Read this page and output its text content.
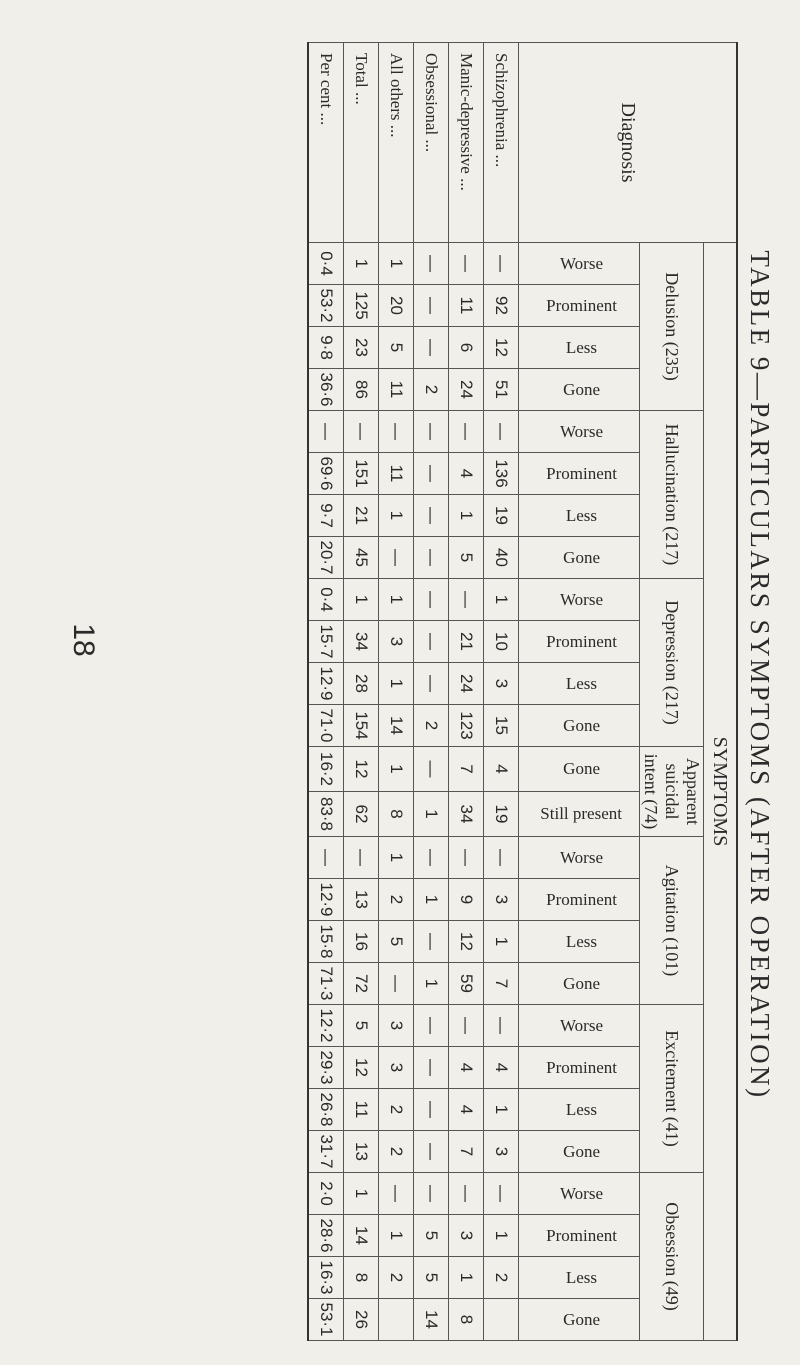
TABLE 9—PARTICULARS SYMPTOMS (AFTER OPERATION)
Diagnosis	SYMPTOMS																									
	Delusion (235)				Hallucination (217)				Depression (217)				Apparent suicidal intent (74)		Agitation (101)				Excitement (41)				Obsession (49)			
	Worse	Prominent	Less	Gone	Worse	Prominent	Less	Gone	Worse	Prominent	Less	Gone	Gone	Still present	Worse	Prominent	Less	Gone	Worse	Prominent	Less	Gone	Worse	Prominent	Less	Gone
Schizophrenia ...	—	92	12	51	—	136	19	40	1	10	3	15	4	19	—	3	1	7	—	4	1	3	—	1	2	
Manic-depressive ...	—	11	6	24	—	4	1	5	—	21	24	123	7	34	—	9	12	59	—	4	4	7	—	3	1	8
Obsessional ...	—	—	—	2	—	—	—	—	—	—	—	2	—	1	—	1	—	1	—	—	—	—	—	5	5	14
All others ...	1	20	5	11	—	11	1	—	1	3	1	14	1	8	1	2	5	—	3	3	2	2	—	1	2	
Total ...	1	125	23	86	—	151	21	45	1	34	28	154	12	62	—	13	16	72	5	12	11	13	1	14	8	26
Per cent ...	0·4	53·2	9·8	36·6	—	69·6	9·7	20·7	0·4	15·7	12·9	71·0	16·2	83·8	—	12·9	15·8	71·3	12·2	29·3	26·8	31·7	2·0	28·6	16·3	53·1
18
